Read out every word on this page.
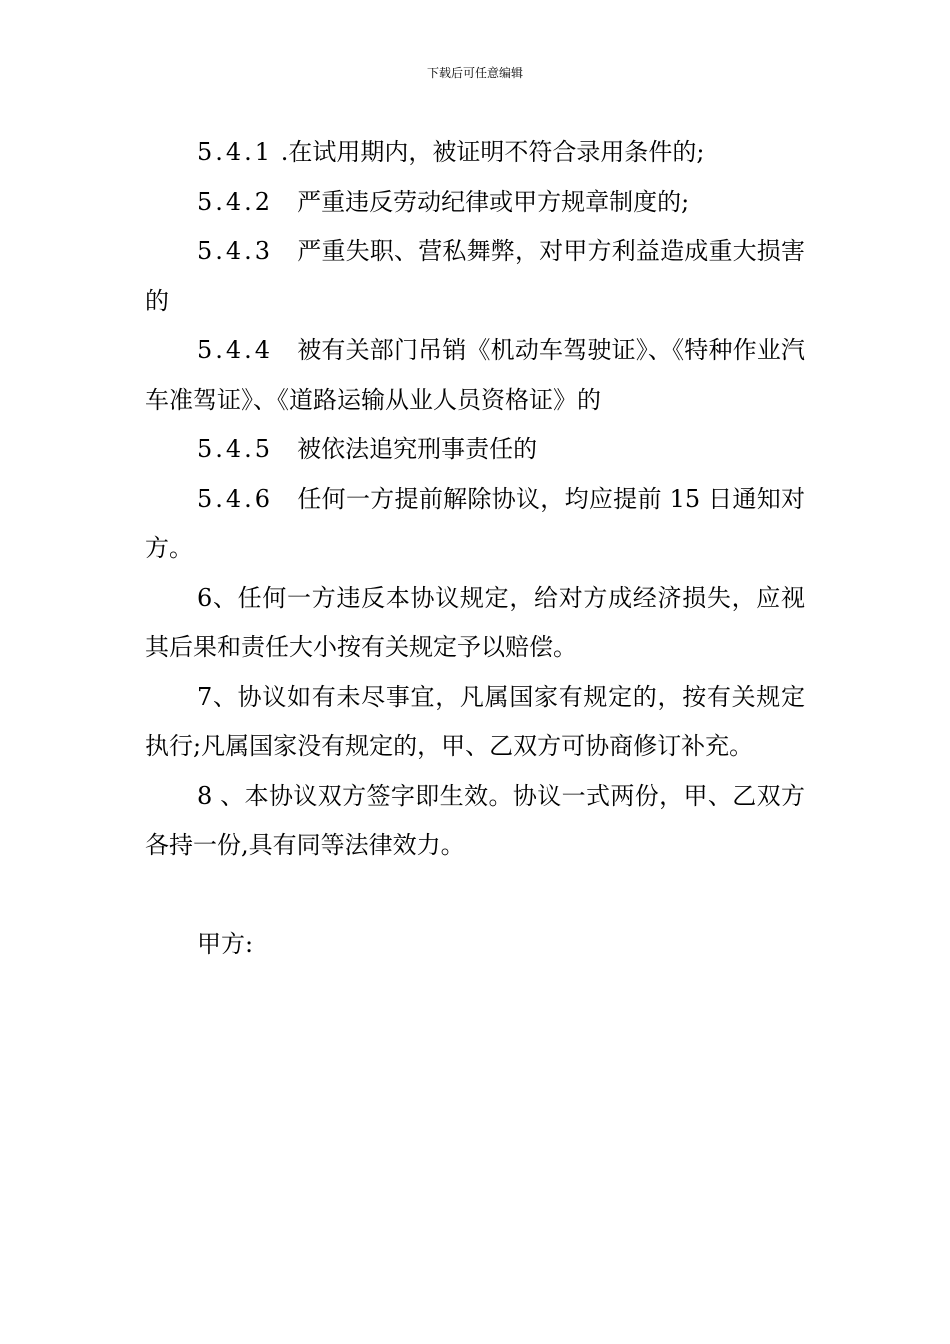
下载后可任意编辑

5.4.1 .在试用期内，被证明不符合录用条件的;

5.4.2 严重违反劳动纪律或甲方规章制度的;

5.4.3 严重失职、营私舞弊，对甲方利益造成重大损害的

5.4.4 被有关部门吊销《机动车驾驶证》、《特种作业汽车准驾证》、《道路运输从业人员资格证》的

5.4.5 被依法追究刑事责任的

5.4.6 任何一方提前解除协议，均应提前 15 日通知对方。

6、任何一方违反本协议规定，给对方成经济损失，应视其后果和责任大小按有关规定予以赔偿。

7、协议如有未尽事宜，凡属国家有规定的，按有关规定执行;凡属国家没有规定的，甲、乙双方可协商修订补充。

8 、本协议双方签字即生效。协议一式两份，甲、乙双方各持一份,具有同等法律效力。

甲方:
